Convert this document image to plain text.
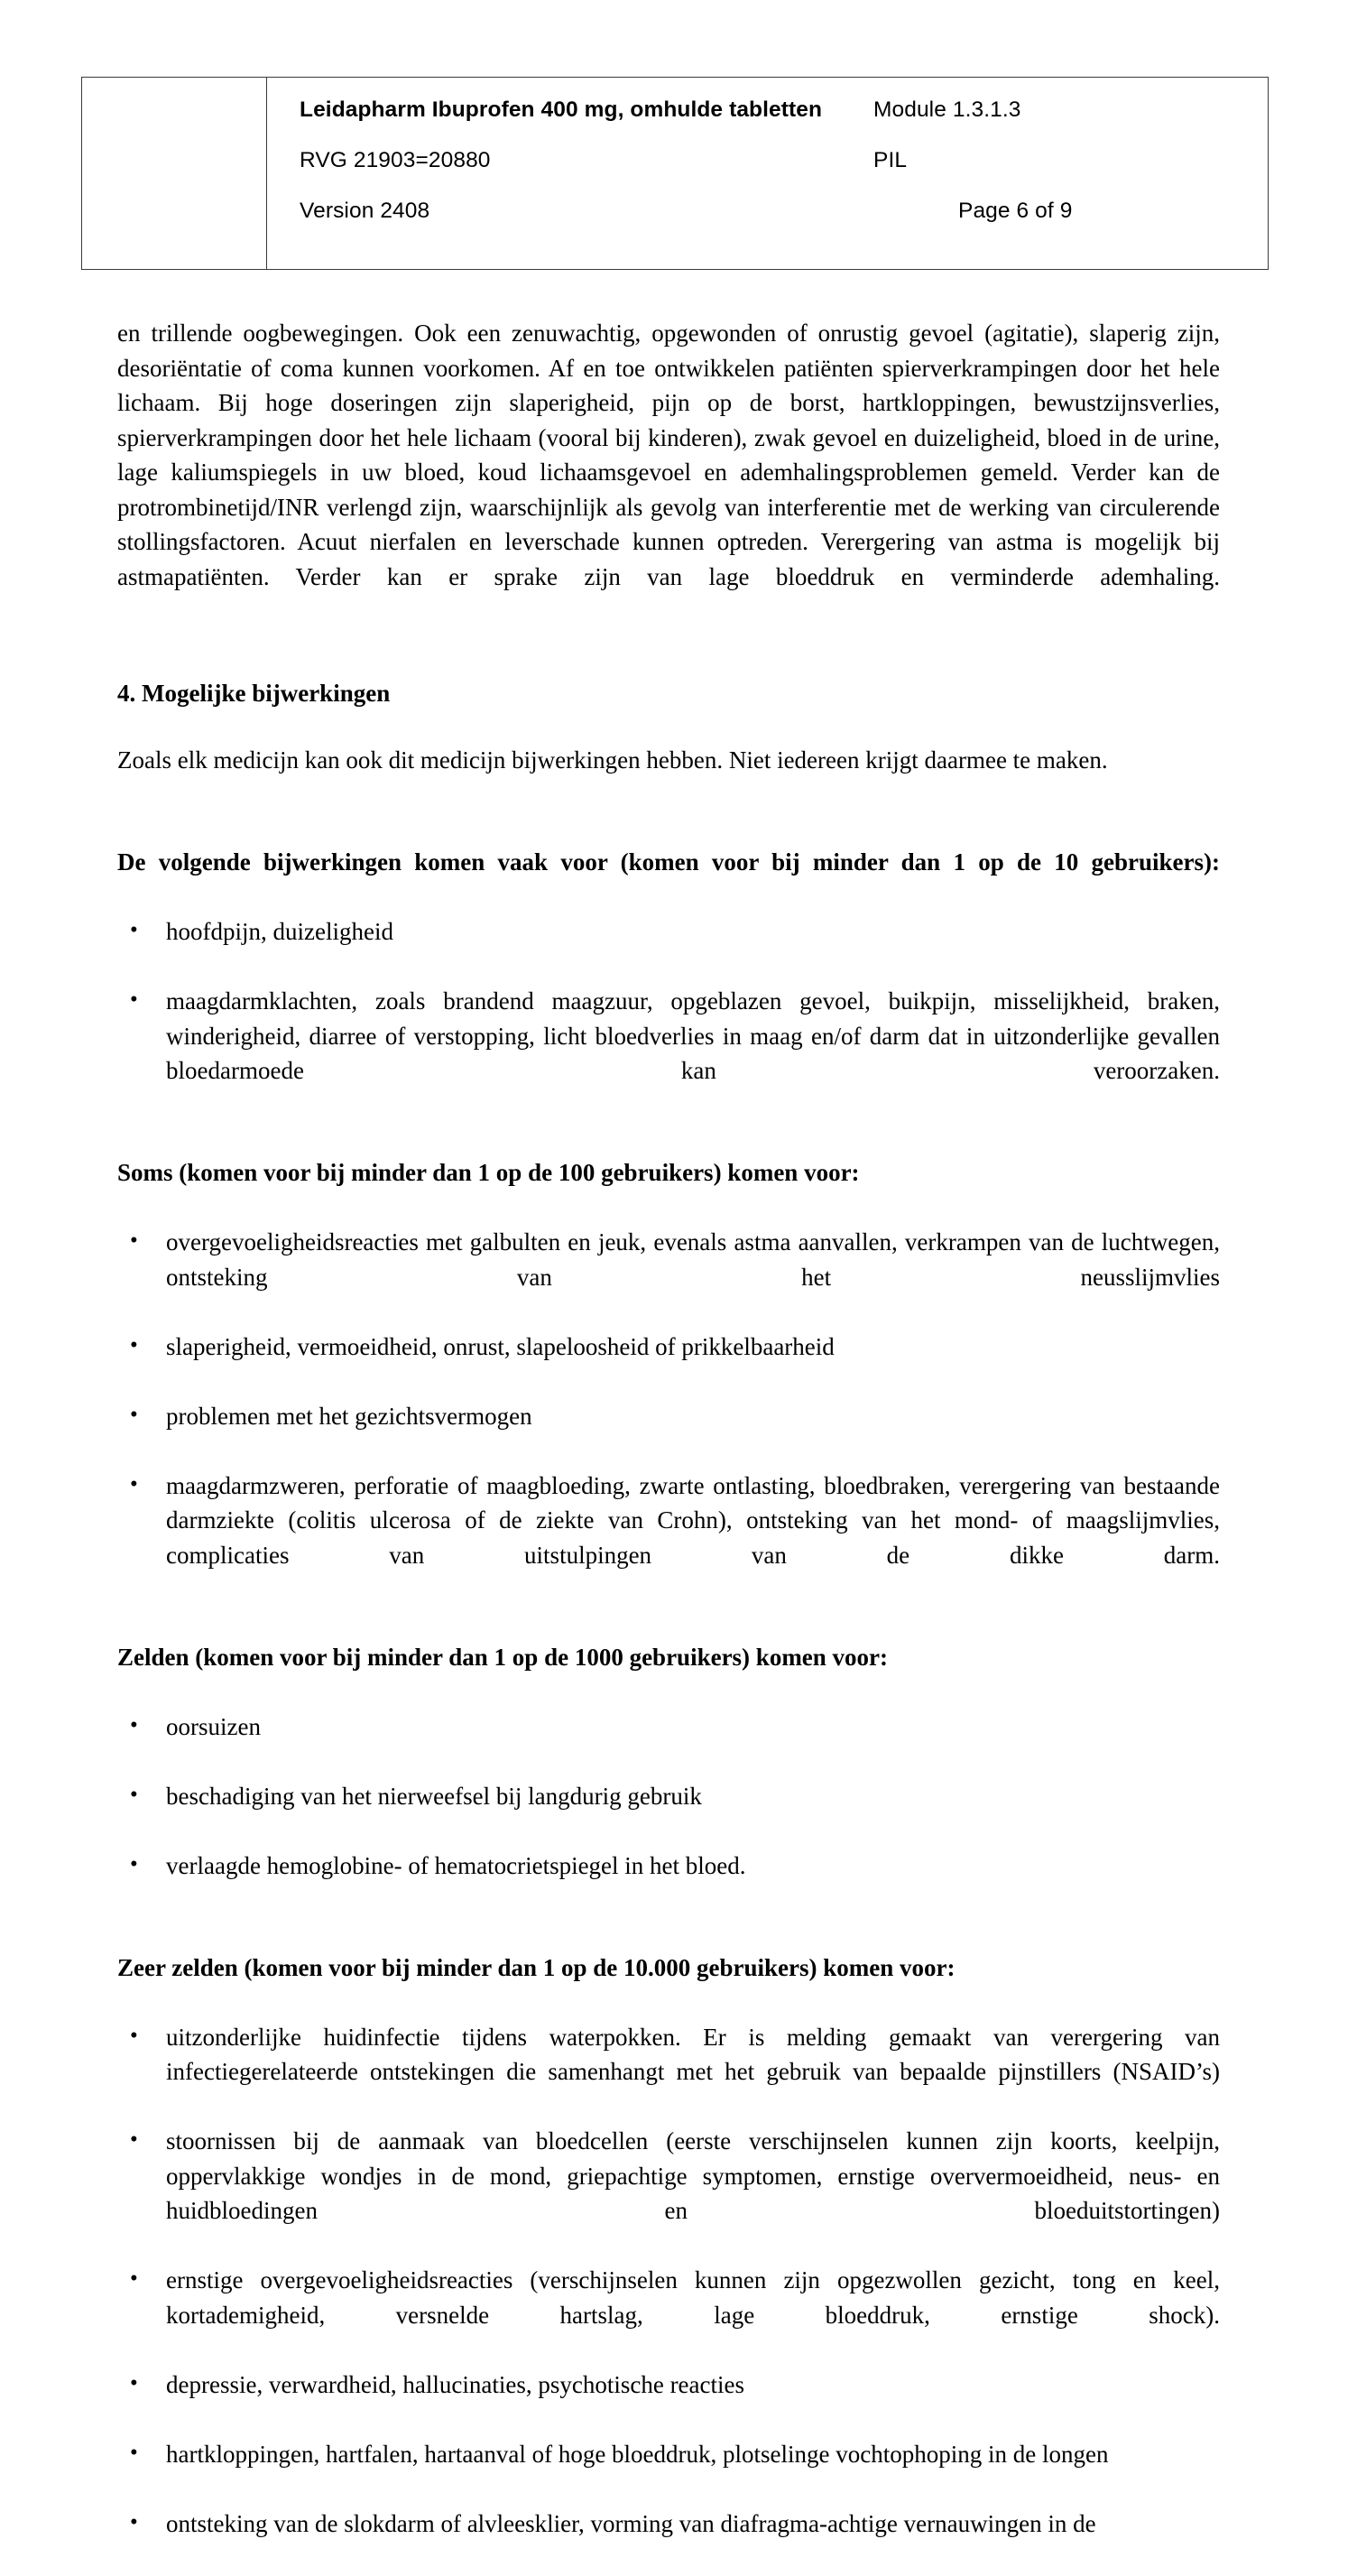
Leidapharm Ibuprofen 400 mg, omhulde tabletten	Module 1.3.1.3
RVG 21903=20880	PIL
Version 2408	Page 6 of 9

en trillende oogbewegingen. Ook een zenuwachtig, opgewonden of onrustig gevoel (agitatie), slaperig zijn, desoriëntatie of coma kunnen voorkomen. Af en toe ontwikkelen patiënten spierverkrampingen door het hele lichaam. Bij hoge doseringen zijn slaperigheid, pijn op de borst, hartkloppingen, bewustzijnsverlies, spierverkrampingen door het hele lichaam (vooral bij kinderen), zwak gevoel en duizeligheid, bloed in de urine, lage kaliumspiegels in uw bloed, koud lichaamsgevoel en ademhalingsproblemen gemeld. Verder kan de protrombinetijd/INR verlengd zijn, waarschijnlijk als gevolg van interferentie met de werking van circulerende stollingsfactoren. Acuut nierfalen en leverschade kunnen optreden. Verergering van astma is mogelijk bij astmapatiënten. Verder kan er sprake zijn van lage bloeddruk en verminderde ademhaling.

4. Mogelijke bijwerkingen

Zoals elk medicijn kan ook dit medicijn bijwerkingen hebben. Niet iedereen krijgt daarmee te maken.

De volgende bijwerkingen komen vaak voor (komen voor bij minder dan 1 op de 10 gebruikers):

• hoofdpijn, duizeligheid
• maagdarmklachten, zoals brandend maagzuur, opgeblazen gevoel, buikpijn, misselijkheid, braken, winderigheid, diarree of verstopping, licht bloedverlies in maag en/of darm dat in uitzonderlijke gevallen bloedarmoede kan veroorzaken.

Soms (komen voor bij minder dan 1 op de 100 gebruikers) komen voor:

• overgevoeligheidsreacties met galbulten en jeuk, evenals astma aanvallen, verkrampen van de luchtwegen, ontsteking van het neusslijmvlies
• slaperigheid, vermoeidheid, onrust, slapeloosheid of prikkelbaarheid
• problemen met het gezichtsvermogen
• maagdarmzweren, perforatie of maagbloeding, zwarte ontlasting, bloedbraken, verergering van bestaande darmziekte (colitis ulcerosa of de ziekte van Crohn), ontsteking van het mond- of maagslijmvlies, complicaties van uitstulpingen van de dikke darm.

Zelden (komen voor bij minder dan 1 op de 1000 gebruikers) komen voor:

• oorsuizen
• beschadiging van het nierweefsel bij langdurig gebruik
• verlaagde hemoglobine- of hematocrietspiegel in het bloed.

Zeer zelden (komen voor bij minder dan 1 op de 10.000 gebruikers) komen voor:

• uitzonderlijke huidinfectie tijdens waterpokken. Er is melding gemaakt van verergering van infectiegerelateerde ontstekingen die samenhangt met het gebruik van bepaalde pijnstillers (NSAID’s)
• stoornissen bij de aanmaak van bloedcellen (eerste verschijnselen kunnen zijn koorts, keelpijn, oppervlakkige wondjes in de mond, griepachtige symptomen, ernstige oververmoeidheid, neus- en huidbloedingen en bloeduitstortingen)
• ernstige overgevoeligheidsreacties (verschijnselen kunnen zijn opgezwollen gezicht, tong en keel, kortademigheid, versnelde hartslag, lage bloeddruk, ernstige shock).
• depressie, verwardheid, hallucinaties, psychotische reacties
• hartkloppingen, hartfalen, hartaanval of hoge bloeddruk, plotselinge vochtophoping in de longen
• ontsteking van de slokdarm of alvleesklier, vorming van diafragma-achtige vernauwingen in de
